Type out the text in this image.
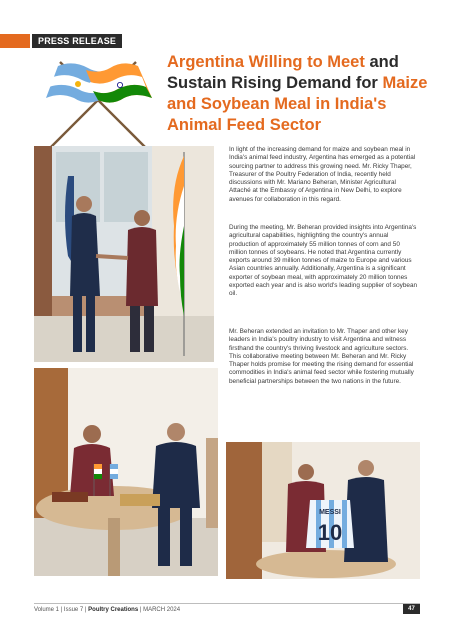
PRESS RELEASE
Argentina Willing to Meet and Sustain Rising Demand for Maize and Soybean Meal in India's Animal Feed Sector
In light of the increasing demand for maize and soybean meal in India's animal feed industry, Argentina has emerged as a potential sourcing partner to address this growing need. Mr. Ricky Thaper, Treasurer of the Poultry Federation of India, recently held discussions with Mr. Mariano Beheran, Minister Agricultural Attaché at the Embassy of Argentina in New Delhi, to explore avenues for collaboration in this regard.
During the meeting, Mr. Beheran provided insights into Argentina's agricultural capabilities, highlighting the country's annual production of approximately 55 million tonnes of corn and 50 million tonnes of soybeans. He noted that Argentina currently exports around 39 million tonnes of maize to Europe and various Asian countries annually. Additionally, Argentina is a significant exporter of soybean meal, with approximately 20 million tonnes exported each year and is also world's leading supplier of soybean oil.
Mr. Beheran extended an invitation to Mr. Thaper and other key leaders in India's poultry industry to visit Argentina and witness firsthand the country's thriving livestock and agriculture sectors. This collaborative meeting between Mr. Beheran and Mr. Ricky Thaper holds promise for meeting the rising demand for essential commodities in India's animal feed sector while fostering mutually beneficial partnerships between the two nations in the future.
MESSI
10
Volume 1 | Issue 7 | Poultry Creations | MARCH 2024	47
